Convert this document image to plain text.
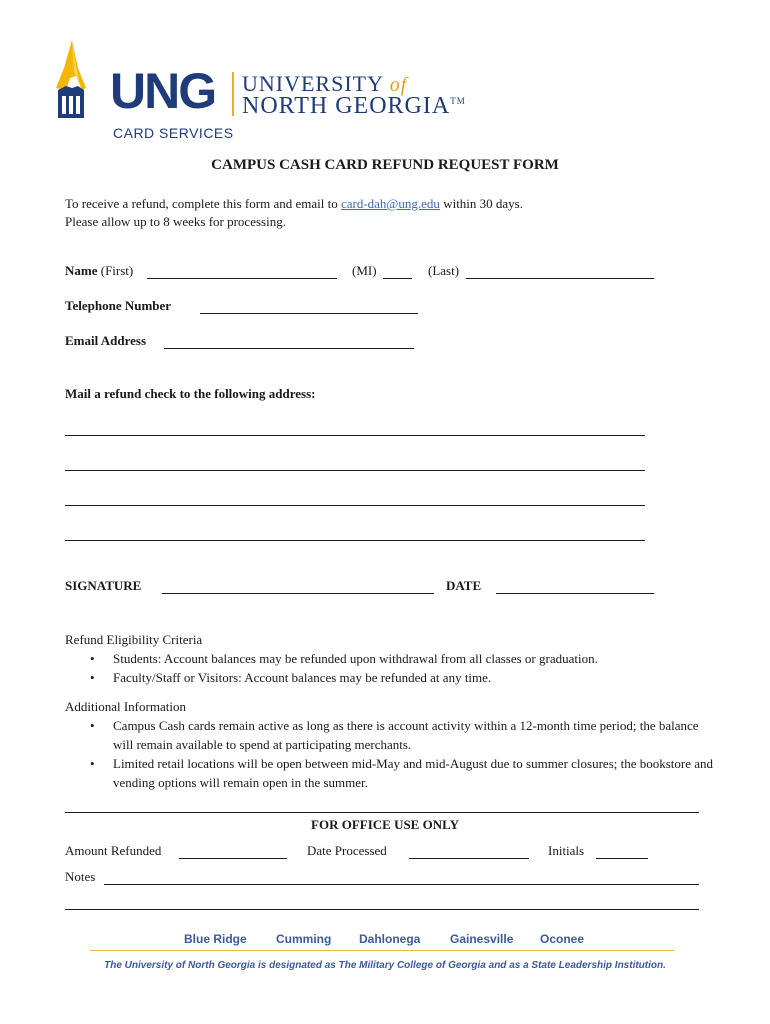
UNG UNIVERSITY of
NORTH GEORGIA™
CARD SERVICES
CAMPUS CASH CARD REFUND REQUEST FORM
To receive a refund, complete this form and email to card-dah@ung.edu within 30 days.
Please allow up to 8 weeks for processing.
Name (First)	(MI)	(Last)
Telephone Number
Email Address
Mail a refund check to the following address:
SIGNATURE	DATE
Refund Eligibility Criteria
• Students: Account balances may be refunded upon withdrawal from all classes or graduation.
• Faculty/Staff or Visitors: Account balances may be refunded at any time.
Additional Information
• Campus Cash cards remain active as long as there is account activity within a 12-month time period; the balance will remain available to spend at participating merchants.
• Limited retail locations will be open between mid-May and mid-August due to summer closures; the bookstore and vending options will remain open in the summer.
FOR OFFICE USE ONLY
Amount Refunded	Date Processed	Initials
Notes
Blue Ridge Cumming Dahlonega Gainesville Oconee
The University of North Georgia is designated as The Military College of Georgia and as a State Leadership Institution.
